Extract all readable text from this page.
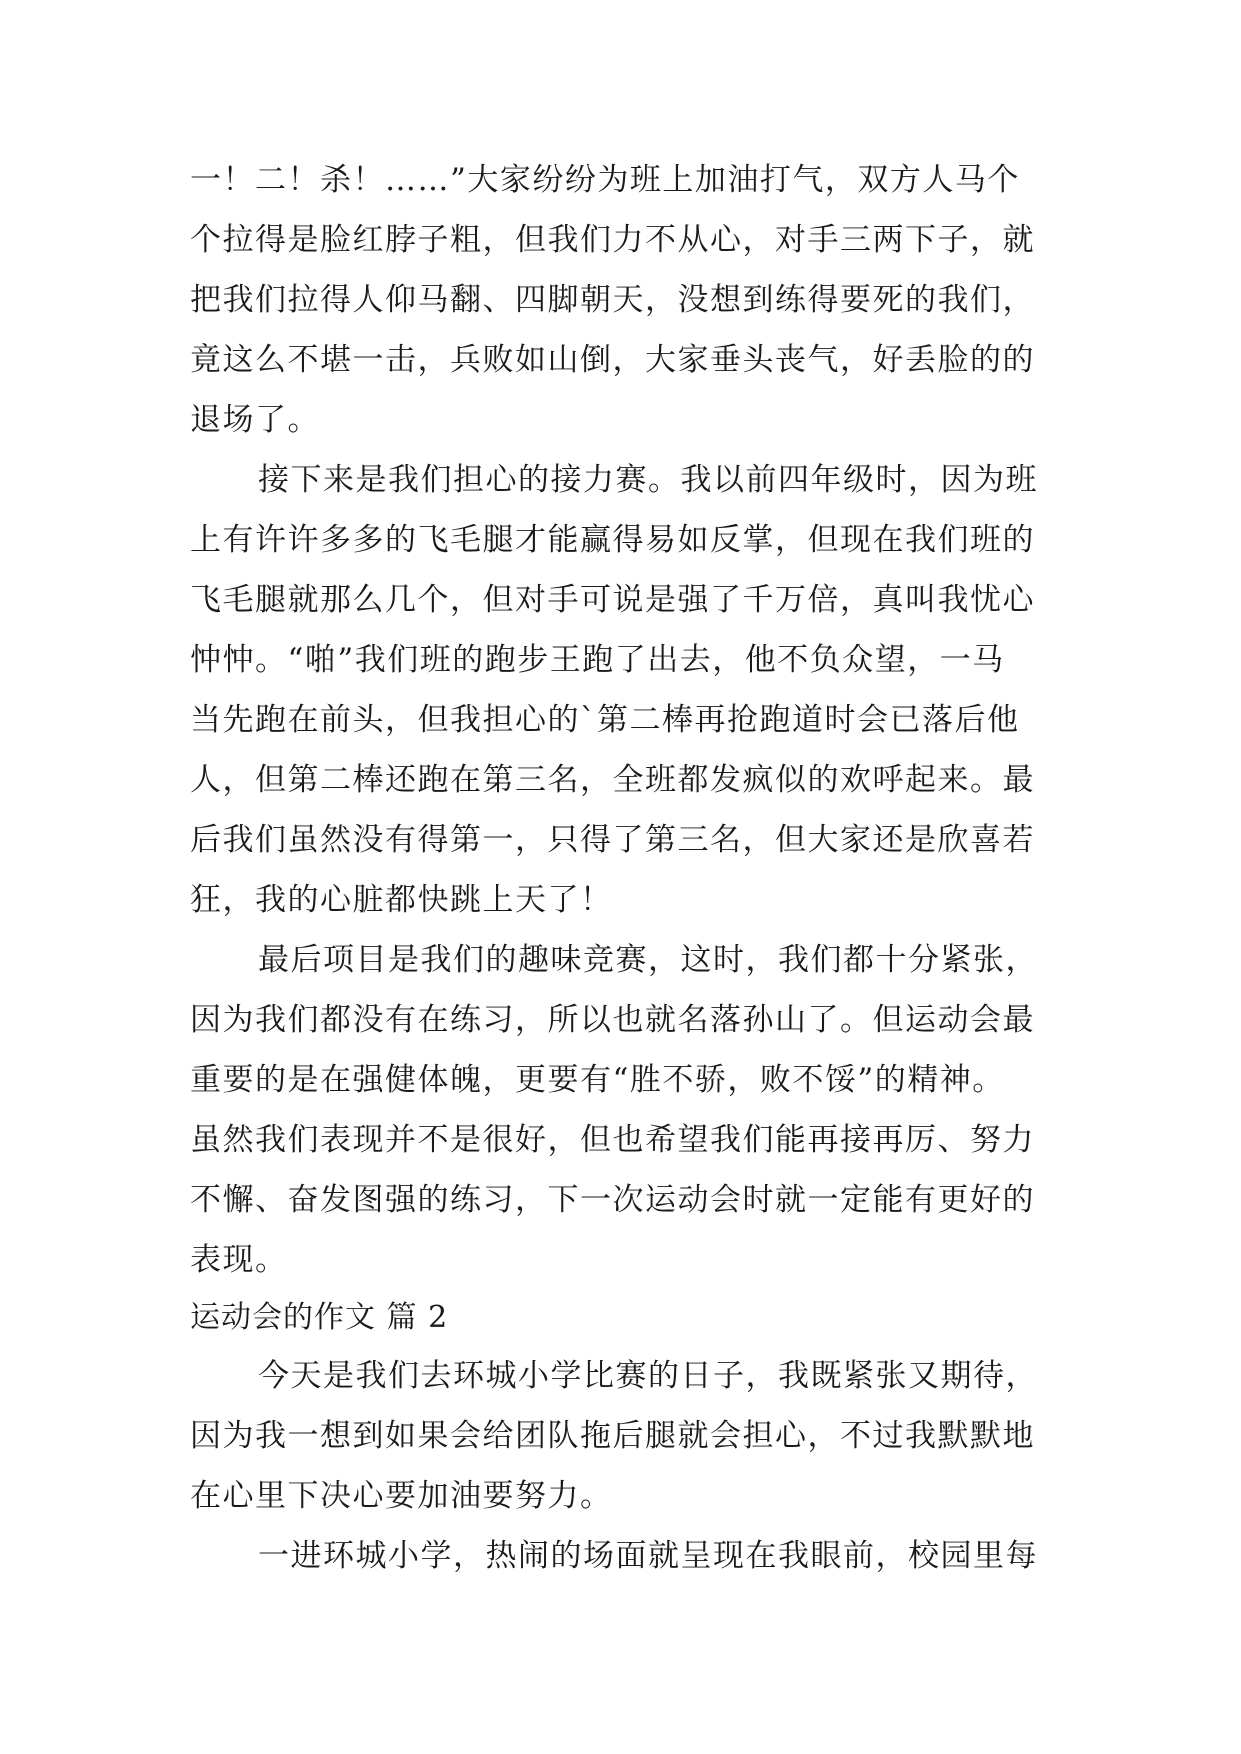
一！二！杀！……”大家纷纷为班上加油打气，双方人马个
个拉得是脸红脖子粗，但我们力不从心，对手三两下子，就
把我们拉得人仰马翻、四脚朝天，没想到练得要死的我们，
竟这么不堪一击，兵败如山倒，大家垂头丧气，好丢脸的的
退场了。
接下来是我们担心的接力赛。我以前四年级时，因为班
上有许许多多的飞毛腿才能赢得易如反掌，但现在我们班的
飞毛腿就那么几个，但对手可说是强了千万倍，真叫我忧心
忡忡。“啪”我们班的跑步王跑了出去，他不负众望，一马
当先跑在前头，但我担心的`第二棒再抢跑道时会已落后他
人，但第二棒还跑在第三名，全班都发疯似的欢呼起来。最
后我们虽然没有得第一，只得了第三名，但大家还是欣喜若
狂，我的心脏都快跳上天了！
最后项目是我们的趣味竞赛，这时，我们都十分紧张，
因为我们都没有在练习，所以也就名落孙山了。但运动会最
重要的是在强健体魄，更要有“胜不骄，败不馁”的精神。
虽然我们表现并不是很好，但也希望我们能再接再厉、努力
不懈、奋发图强的练习，下一次运动会时就一定能有更好的
表现。
运动会的作文 篇 2
今天是我们去环城小学比赛的日子，我既紧张又期待，
因为我一想到如果会给团队拖后腿就会担心，不过我默默地
在心里下决心要加油要努力。
一进环城小学，热闹的场面就呈现在我眼前，校园里每
